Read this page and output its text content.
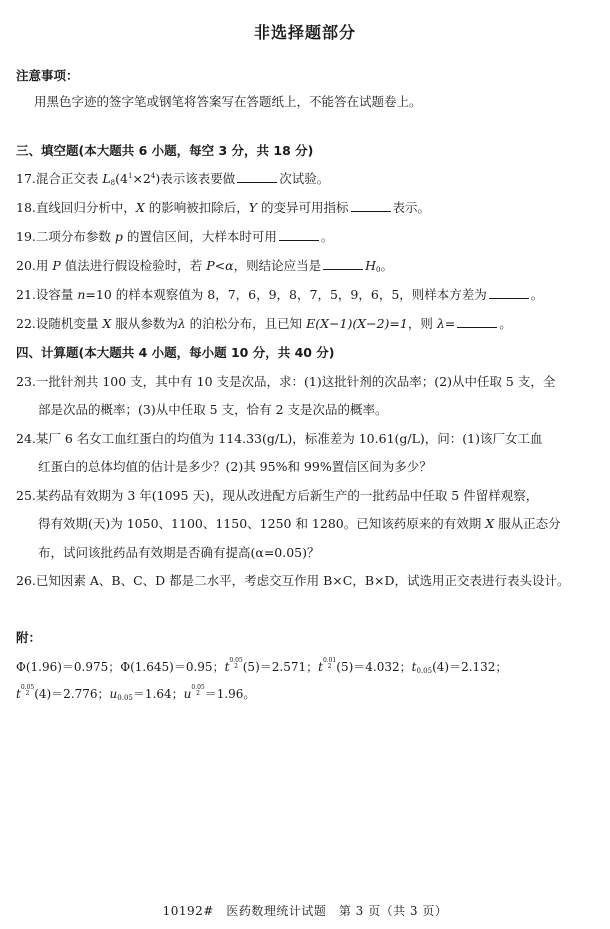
非选择题部分
注意事项：
用黑色字迹的签字笔或钢笔将答案写在答题纸上，不能答在试题卷上。
三、填空题(本大题共 6 小题，每空 3 分，共 18 分)
17.混合正交表 $L_8(4^1\times 2^4)$表示该表要做	次试验。
18.直线回归分析中，X 的影响被扣除后，Y 的变异可用指标	表示。
19.二项分布参数 p 的置信区间，大样本时可用	。
20.用 P 值法进行假设检验时，若 P<α，则结论应当是	$H_0$。
21.设容量 n=10 的样本观察值为 8，7，6，9，8，7，5，9，6，5，则样本方差为	。
22.设随机变量 X 服从参数为λ 的泊松分布，且已知 E(X−1)(X−2)=1，则 λ=	。
四、计算题(本大题共 4 小题，每小题 10 分，共 40 分)
23.一批针剂共 100 支，其中有 10 支是次品，求：(1)这批针剂的次品率；(2)从中任取 5 支，全
部是次品的概率；(3)从中任取 5 支，恰有 2 支是次品的概率。
24.某厂 6 名女工血红蛋白的均值为 114.33(g/L)，标准差为 10.61(g/L)，问：(1)该厂女工血
红蛋白的总体均值的估计是多少？(2)其 95%和 99%置信区间为多少？
25.某药品有效期为 3 年(1095 天)，现从改进配方后新生产的一批药品中任取 5 件留样观察，
得有效期(天)为 1050、1100、1150、1250 和 1280。已知该药原来的有效期 X 服从正态分
布，试问该批药品有效期是否确有提高(α=0.05)？
26.已知因素 A、B、C、D 都是二水平，考虑交互作用 B×C，B×D，试选用正交表进行表头设计。
附：
Φ(1.96)＝0.975；Φ(1.645)＝0.95；t 0.05
2 (5)＝2.571；t 0.01
2 (5)＝4.032；$t_{0.05}(4)=2.132$；
t 0.05
2 (4)＝2.776；$u_{0.05}=1.64$；u 0.05
2 ＝1.96。
10192#　医药数理统计试题　第 3 页（共 3 页）
